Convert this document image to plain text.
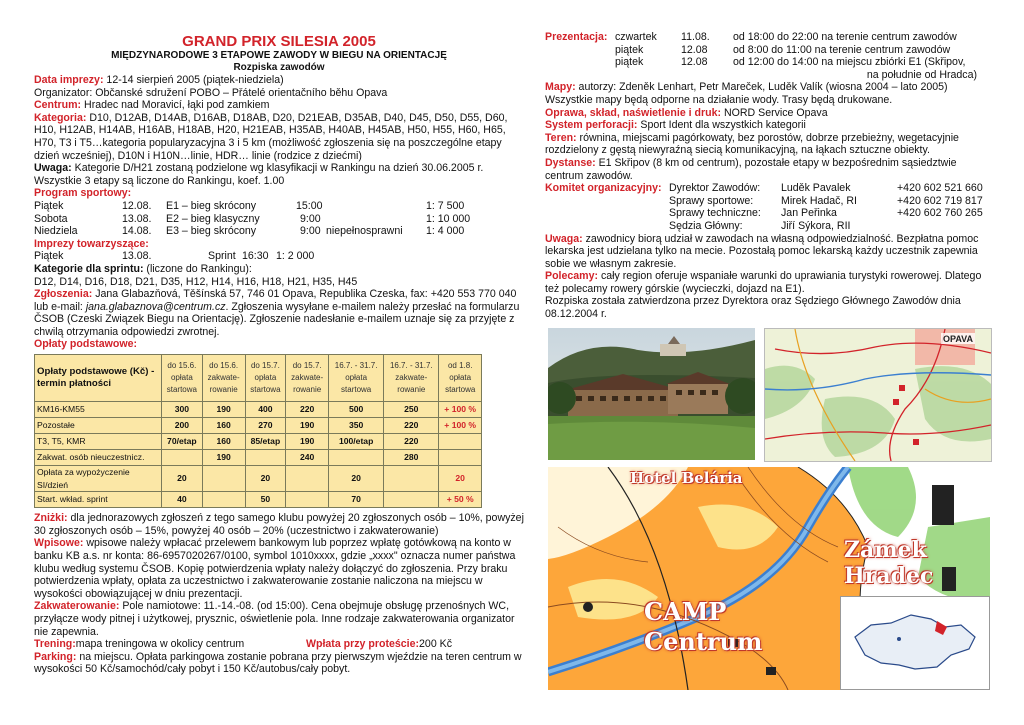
GRAND PRIX SILESIA 2005
MIĘDZYNARODOWE 3 ETAPOWE ZAWODY W BIEGU NA ORIENTACJĘ
Rozpiska zawodów

Data imprezy: 12-14 sierpień 2005 (piątek-niedziela)

Organizator: Občanské sdružení POBO – Přátelé orientačního běhu Opava

Centrum: Hradec nad Moravicí, łąki pod zamkiem

Kategoria: D10, D12AB, D14AB, D16AB, D18AB, D20, D21EAB, D35AB, D40, D45, D50, D55, D60, H10, H12AB, H14AB, H16AB, H18AB, H20, H21EAB, H35AB, H40AB, H45AB, H50, H55, H60, H65, H70, T3 i T5…kategoria popularyzacyjna 3 i 5 km (możliwość zgłoszenia się na poszczególne etapy dzień wcześniej), D10N i H10N…linie, HDR… linie (rodzice z dziećmi)

Uwaga: Kategorie D/H21 zostaną podzielone wg klasyfikacji w Rankingu na dzień 30.06.2005 r. Wszystkie 3 etapy są liczone do Rankingu, koef. 1.00

Program sportowy:

Piątek	12.08.	E1 – bieg skrócony	15:00	1: 7 500
Sobota	13.08.	E2 – bieg klasyczny	9:00	1: 10 000
Niedziela	14.08.	E3 – bieg skrócony	9:00 niepełnosprawni	1: 4 000

Imprezy towarzyszące:

Piątek	13.08.	Sprint 16:30 1: 2 000

Kategorie dla sprintu: (liczone do Rankingu):

D12, D14, D16, D18, D21, D35, H12, H14, H16, H18, H21, H35, H45

Zgłoszenia: Jana Glabazňová, Těšínská 57, 746 01 Opava, Republika Czeska, fax: +420 553 770 040 lub e-mail: jana.glabaznova@centrum.cz. Zgłoszenia wysyłane e-mailem należy przesłać na formularzu ČSOB (Czeski Związek Biegu na Orientację). Zgłoszenie nadesłanie e-mailem uznaje się za przyjęte z chwilą otrzymania odpowiedzi zwrotnej.

Opłaty podstawowe:

Opłaty podstawowe (Kč) - termin płatności	do 15.6.
opłata
startowa	do 15.6.
zakwate-
rowanie	do 15.7.
opłata
startowa	do 15.7.
zakwate-
rowanie	16.7. - 31.7.
opłata
startowa	16.7. - 31.7.
zakwate-
rowanie	od 1.8.
opłata
startowa
KM16-KM55	300	190	400	220	500	250	+ 100 %
Pozostałe	200	160	270	190	350	220	+ 100 %
T3, T5, KMR	70/etap	160	85/etap	190	100/etap	220	
Zakwat. osób nieuczestnicz.		190		240		280	
Opłata za wypożyczenie SI/dzień	20		20		20		20
Start. wkład. sprint	40		50		70		+ 50 %

Zniżki: dla jednorazowych zgłoszeń z tego samego klubu powyżej 20 zgłoszonych osób – 10%, powyżej 30 zgłoszonych osób – 15%, powyżej 40 osób – 20% (uczestnictwo i zakwaterowanie)

Wpisowe: wpisowe należy wpłacać przelewem bankowym lub poprzez wpłatę gotówkową na konto w banku KB a.s. nr konta: 86-6957020267/0100, symbol 1010xxxx, gdzie „xxxx" oznacza numer państwa klubu według systemu ČSOB. Kopię potwierdzenia wpłaty należy dołączyć do zgłoszenia. Przy braku potwierdzenia wpłaty, opłata za uczestnictwo i zakwaterowanie zostanie naliczona na miejscu w wysokości obowiązującej w dniu prezentacji.

Zakwaterowanie: Pole namiotowe: 11.-14.-08. (od 15:00). Cena obejmuje obsługę przenośnych WC, przyłącze wody pitnej i użytkowej, prysznic, oświetlenie pola. Inne rodzaje zakwaterowania organizator nie zapewnia.

Trening:mapa treningowa w okolicy centrum	Wpłata przy proteście:200 Kč

Parking: na miejscu. Opłata parkingowa zostanie pobrana przy pierwszym wjeździe na teren centrum w wysokości 50 Kč/samochód/cały pobyt i 150 Kč/autobus/cały pobyt.

Prezentacja: czwartek	11.08.	od 18:00 do 22:00 na terenie centrum zawodów
piątek	12.08	od 8:00 do 11:00 na terenie centrum zawodów
piątek	12.08	od 12:00 do 14:00 na miejscu zbiórki E1 (Skřipov,
na południe od Hradca)

Mapy: autorzy: Zdeněk Lenhart, Petr Mareček, Luděk Valík (wiosna 2004 – lato 2005) Wszystkie mapy będą odporne na działanie wody. Trasy będą drukowane.

Oprawa, skład, naświetlenie i druk: NORD Service Opava

System perforacji: Sport Ident dla wszystkich kategorii

Teren: równina, miejscami pagórkowaty, bez porostów, dobrze przebieżny, wegetacyjnie rozdzielony z gęstą niewyraźną siecią komunikacyjną, na łąkach sztuczne obiekty.

Dystanse: E1 Skřipov (8 km od centrum), pozostałe etapy w bezpośrednim sąsiedztwie centrum zawodów.

Komitet organizacyjny: Dyrektor Zawodów:	Luděk Pavalek	+420 602 521 660
Sprawy sportowe:	Mirek Hadač, RI	+420 602 719 817
Sprawy techniczne:	Jan Peřinka	+420 602 760 265
Sędzia Główny:	Jiří Sýkora, RII

Uwaga: zawodnicy biorą udział w zawodach na własną odpowiedzialność. Bezpłatna pomoc lekarska jest udzielana tylko na mecie. Pozostałą pomoc lekarską każdy uczestnik zapewnia sobie we własnym zakresie.

Polecamy: cały region oferuje wspaniałe warunki do uprawiania turystyki rowerowej. Dlatego też polecamy rowery górskie (wycieczki, dojazd na E1).

Rozpiska została zatwierdzona przez Dyrektora oraz Sędziego Głównego Zawodów dnia 08.12.2004 r.

OPAVA
Hotel Belária
Zámek Hradec
CAMP
Centrum
